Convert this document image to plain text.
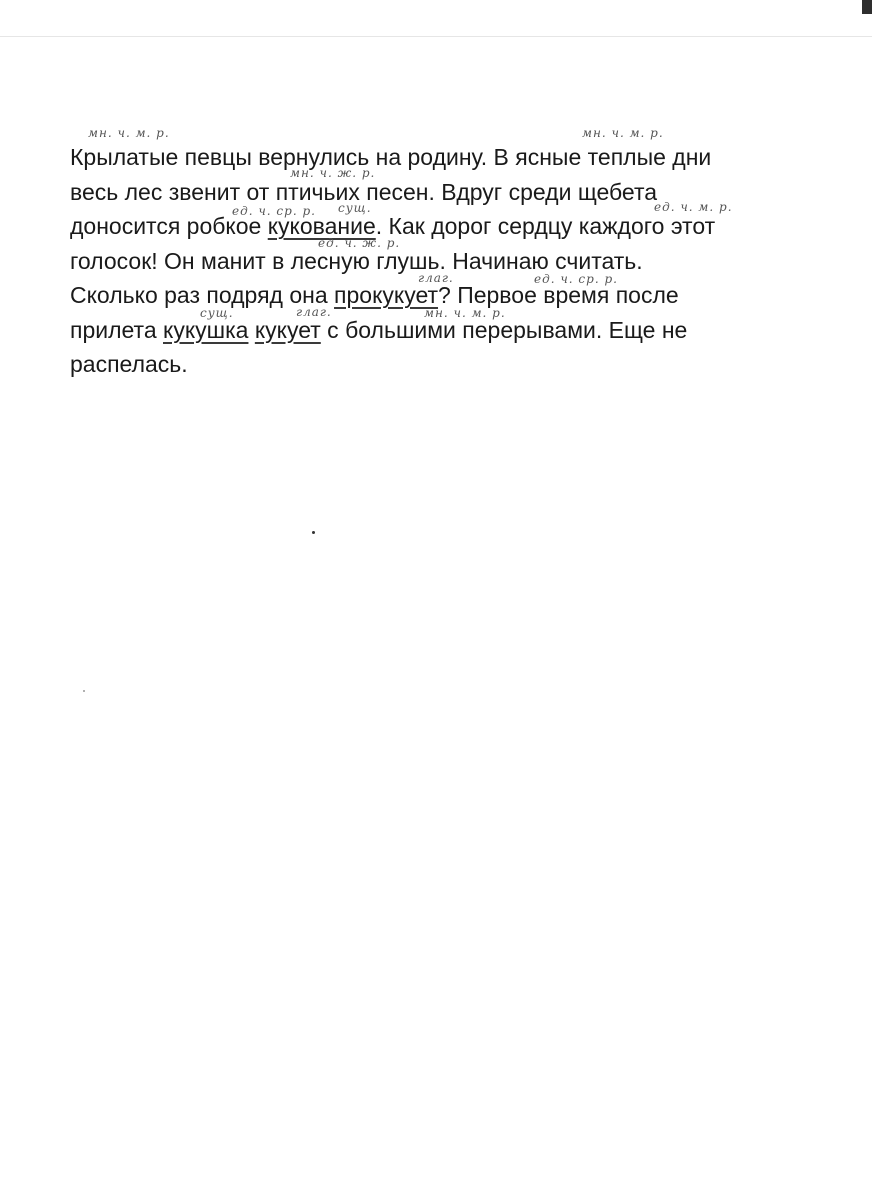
Крылатые певцы вернулись на родину. В ясные теплые дни
весь лес звенит от птичьих песен. Вдруг среди щебета
доносится робкое кукование. Как дорог сердцу каждого этот
голосок! Он манит в лесную глушь. Начинаю считать.
Сколько раз подряд она прокукует? Первое время после
прилета кукушка кукует с большими перерывами. Еще не
распелась.
мн. ч. м. р.	мн. ч. м. р.
мн. ч. ж. р.
ед. ч. ср. р. сущ.	ед. ч. м. р.
ед. ч. ж. р.
глаг.	ед. ч. ср. р.
сущ.	глаг.	мн. ч. м. р.
